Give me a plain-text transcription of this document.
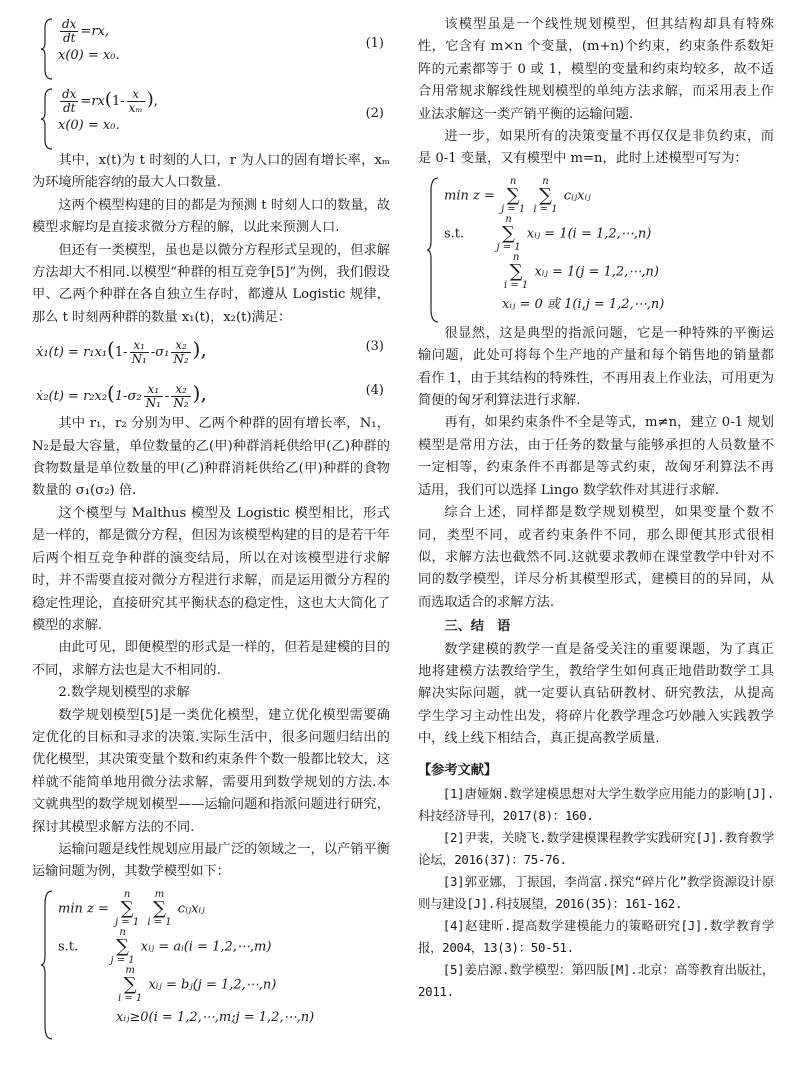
$\frac{dx}{dt} =rx$,
x(0) = x₀.
(1)
$\frac{dx}{dt} =rx(1- \frac{x}{\text{xₘ}}$ ),
x(0) = x₀.
(2)

其中，x(t)为 t 时刻的人口，r 为人口的固有增长率，xₘ为环境所能容纳的最大人口数量.

这两个模型构建的目的都是为预测 t 时刻人口的数量，故模型求解均是直接求微分方程的解，以此来预测人口.

但还有一类模型，虽也是以微分方程形式呈现的，但求解方法却大不相同.以模型“种群的相互竞争[5]”为例，我们假设甲、乙两个种群在各自独立生存时，都遵从 Logistic 规律，那么 t 时刻两种群的数量 x₁(t)，x₂(t)满足：

ẋ₁(t) = $r_1x_1(1- \frac{\text{x₁}}{\text{N₁}} -\sigma_1 \frac{\text{x₂}}{\text{N₂}}$ ),	(3)
ẋ₂(t) = $r_2x_2(1-\sigma_2 \frac{\text{x₁}}{\text{N₁}} - \frac{\text{x₂}}{\text{N₂}}$ ),	(4)

其中 r₁，r₂ 分别为甲、乙两个种群的固有增长率，N₁，N₂是最大容量，单位数量的乙(甲)种群消耗供给甲(乙)种群的食物数量是单位数量的甲(乙)种群消耗供给乙(甲)种群的食物数量的 σ₁(σ₂) 倍.

这个模型与 Malthus 模型及 Logistic 模型相比，形式是一样的，都是微分方程，但因为该模型构建的目的是若干年后两个相互竞争种群的演变结局，所以在对该模型进行求解时，并不需要直接对微分方程进行求解，而是运用微分方程的稳定性理论，直接研究其平衡状态的稳定性，这也大大简化了模型的求解.

由此可见，即便模型的形式是一样的，但若是建模的目的不同，求解方法也是大不相同的.

2.数学规划模型的求解

数学规划模型[5]是一类优化模型，建立优化模型需要确定优化的目标和寻求的决策.实际生活中，很多问题归结出的优化模型，其决策变量个数和约束条件个数一般都比较大，这样就不能简单地用微分法求解，需要用到数学规划的方法.本文就典型的数学规划模型——运输问题和指派问题进行研究，探讨其模型求解方法的不同.

运输问题是线性规划应用最广泛的领域之一，以产销平衡运输问题为例，其数学模型如下：

min z = n
∑
j = 1 m
∑
i = 1 cᵢⱼxᵢⱼ
s.t.  n
∑
j = 1 xᵢⱼ = aᵢ(i = 1,2,⋯,m)
m
∑
i = 1 xᵢⱼ = bⱼ(j = 1,2,⋯,n)
xᵢⱼ≥0(i = 1,2,⋯,m;j = 1,2,⋯,n)

该模型虽是一个线性规划模型，但其结构却具有特殊性，它含有 m×n 个变量，(m+n)个约束，约束条件系数矩阵的元素都等于 0 或 1，模型的变量和约束均较多，故不适合用常规求解线性规划模型的单纯方法求解，而采用表上作业法求解这一类产销平衡的运输问题.

进一步，如果所有的决策变量不再仅仅是非负约束，而是 0-1 变量，又有模型中 m=n，此时上述模型可写为：

min z = n
∑
j = 1 n
∑
i = 1 cᵢⱼxᵢⱼ
s.t.  n
∑
j = 1 xᵢⱼ = 1(i = 1,2,⋯,n)
n
∑
i = 1 xᵢⱼ = 1(j = 1,2,⋯,n)
xᵢⱼ = 0 或 1(i,j = 1,2,⋯,n)

很显然，这是典型的指派问题，它是一种特殊的平衡运输问题，此处可将每个生产地的产量和每个销售地的销量都看作 1，由于其结构的特殊性，不再用表上作业法，可用更为简便的匈牙利算法进行求解.

再有，如果约束条件不全是等式，m≠n，建立 0-1 规划模型是常用方法，由于任务的数量与能够承担的人员数量不一定相等，约束条件不再都是等式约束，故匈牙利算法不再适用，我们可以选择 Lingo 数学软件对其进行求解.

综合上述，同样都是数学规划模型，如果变量个数不同，类型不同，或者约束条件不同，那么即便其形式很相似，求解方法也截然不同.这就要求教师在课堂教学中针对不同的数学模型，详尽分析其模型形式，建模目的的异同，从而选取适合的求解方法.

三、结　语

数学建模的教学一直是备受关注的重要课题，为了真正地将建模方法教给学生，教给学生如何真正地借助数学工具解决实际问题，就一定要认真钻研教材、研究教法，从提高学生学习主动性出发，将碎片化教学理念巧妙融入实践教学中，线上线下相结合，真正提高教学质量.

【参考文献】

[1]唐娅娴.数学建模思想对大学生数学应用能力的影响[J].科技经济导刊，2017(8)：160.

[2]尹裴，关晓飞.数学建模课程教学实践研究[J].教育教学论坛，2016(37)：75-76.

[3]郭亚娜，丁振国，李尚富.探究“碎片化”教学资源设计原则与建设[J].科技展望，2016(35)：161-162.

[4]赵建昕.提高数学建模能力的策略研究[J].数学教育学报，2004，13(3)：50-51.

[5]姜启源.数学模型：第四版[M].北京：高等教育出版社，2011.
